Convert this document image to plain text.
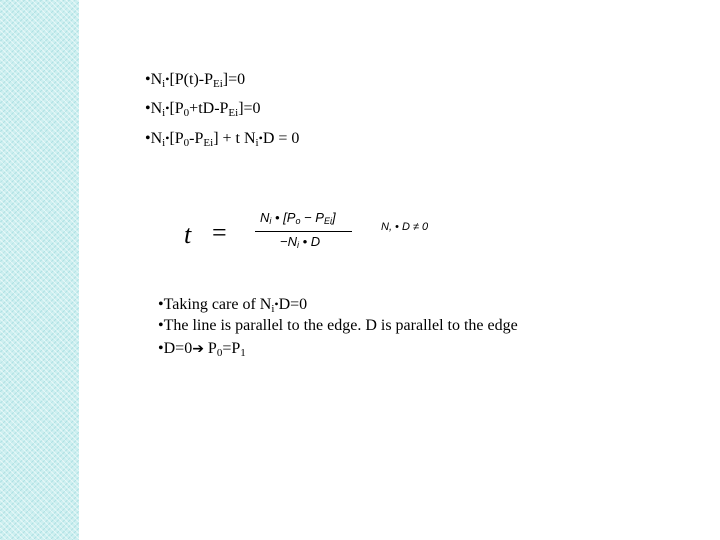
$•N_i•[P(t)-P_{Ei}]=0$
$•N_i•[P_0+tD-P_{Ei}]=0$
$•N_i•[P_0-P_{Ei}] + t$ $N_i•D = 0$
t =
$N_i$ • $[P_o - P_{Ei}]$
$-N_i$ • D
N, • D ≠ 0
•Taking care of $N_i•D=0$
•The line is parallel to the edge. D is parallel to the edge
•D=0➔ $P_0=P_1$
